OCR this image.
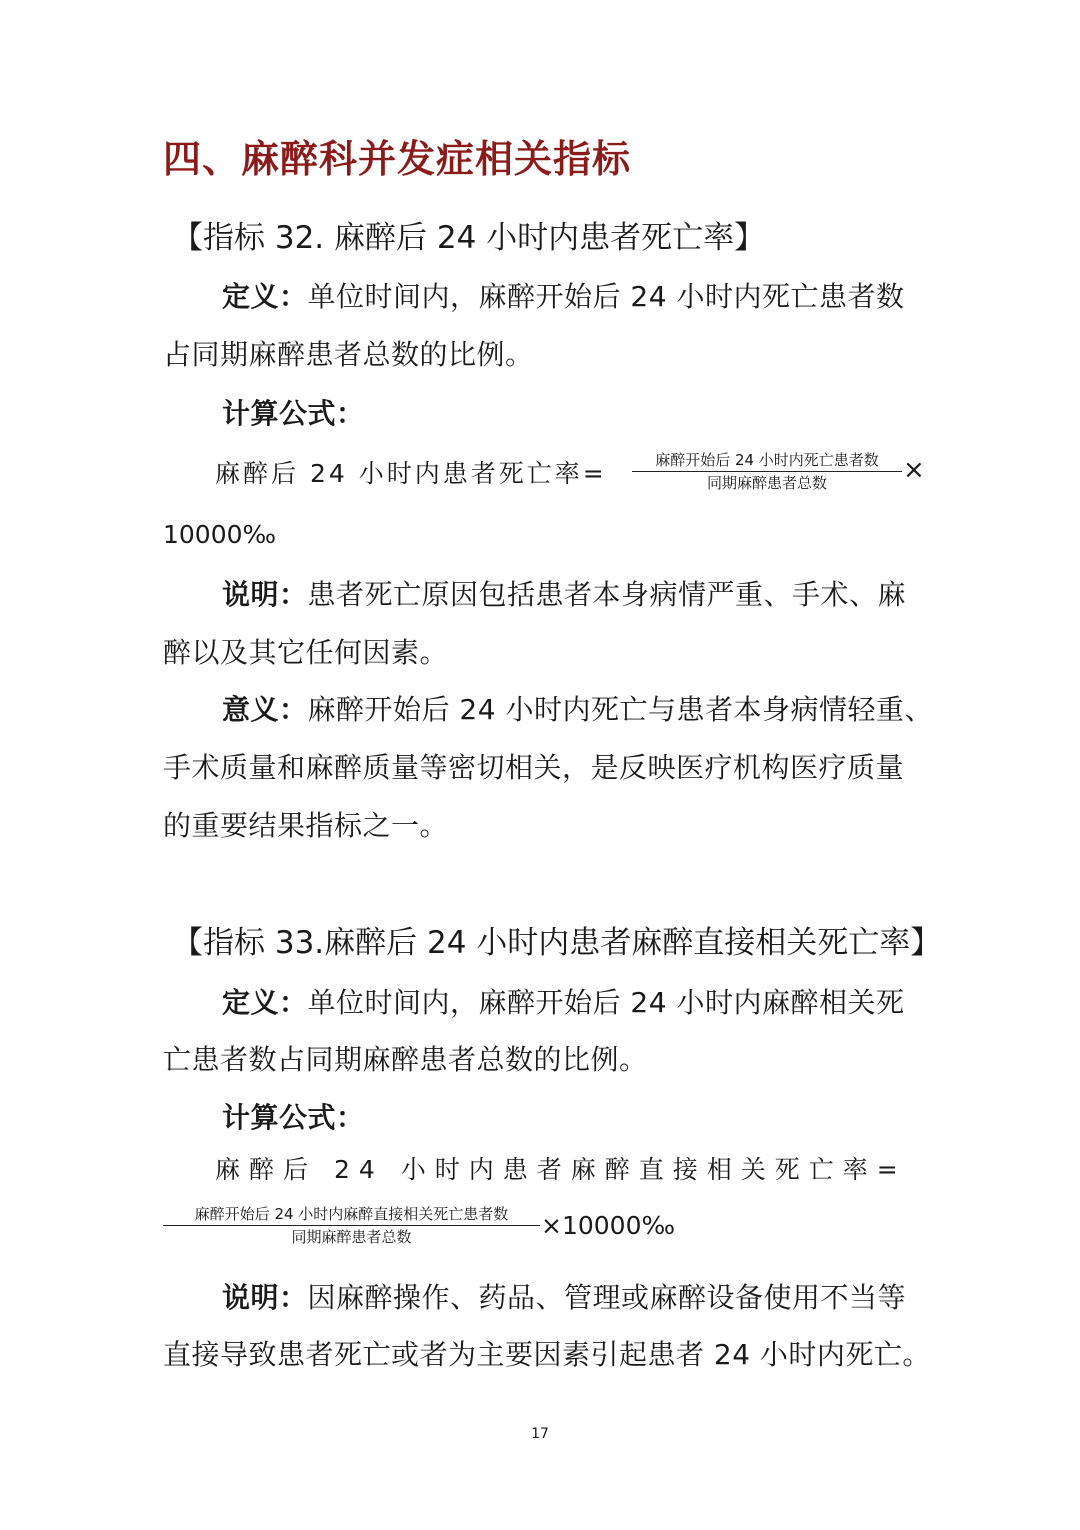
四、麻醉科并发症相关指标
【指标 32. 麻醉后 24 小时内患者死亡率】
定义：单位时间内，麻醉开始后 24 小时内死亡患者数
占同期麻醉患者总数的比例。
计算公式：
麻醉后 24 小时内患者死亡率=	麻醉开始后 24 小时内死亡患者数
同期麻醉患者总数	×
10000‰
说明：患者死亡原因包括患者本身病情严重、手术、麻
醉以及其它任何因素。
意义：麻醉开始后 24 小时内死亡与患者本身病情轻重、
手术质量和麻醉质量等密切相关，是反映医疗机构医疗质量
的重要结果指标之一。
【指标 33.麻醉后 24 小时内患者麻醉直接相关死亡率】
定义：单位时间内，麻醉开始后 24 小时内麻醉相关死
亡患者数占同期麻醉患者总数的比例。
计算公式：
麻醉后 24 小时内患者麻醉直接相关死亡率=
麻醉开始后 24 小时内麻醉直接相关死亡患者数
同期麻醉患者总数	×10000‰
说明：因麻醉操作、药品、管理或麻醉设备使用不当等
直接导致患者死亡或者为主要因素引起患者 24 小时内死亡。
17
